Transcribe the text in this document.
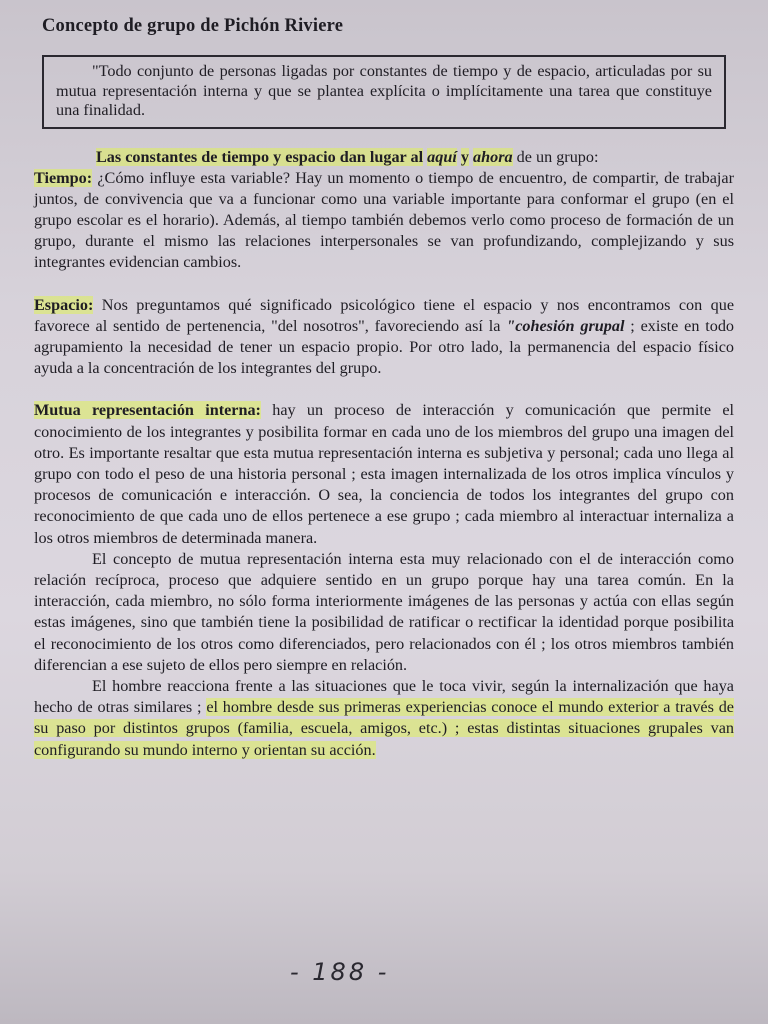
Concepto de grupo de Pichón Riviere

"Todo conjunto de personas ligadas por constantes de tiempo y de espacio, articuladas por su mutua representación interna y que se plantea explícita o implícitamente una tarea que constituye una finalidad.

Las constantes de tiempo y espacio dan lugar al aquí y ahora de un grupo:

Tiempo: ¿Cómo influye esta variable? Hay un momento o tiempo de encuentro, de compartir, de trabajar juntos, de convivencia que va a funcionar como una variable importante para conformar el grupo (en el grupo escolar es el horario). Además, al tiempo también debemos verlo como proceso de formación de un grupo, durante el mismo las relaciones interpersonales se van profundizando, complejizando y sus integrantes evidencian cambios.

Espacio: Nos preguntamos qué significado psicológico tiene el espacio y nos encontramos con que favorece al sentido de pertenencia, "del nosotros", favoreciendo así la "cohesión grupal ; existe en todo agrupamiento la necesidad de tener un espacio propio. Por otro lado, la permanencia del espacio físico ayuda a la concentración de los integrantes del grupo.

Mutua representación interna: hay un proceso de interacción y comunicación que permite el conocimiento de los integrantes y posibilita formar en cada uno de los miembros del grupo una imagen del otro. Es importante resaltar que esta mutua representación interna es subjetiva y personal; cada uno llega al grupo con todo el peso de una historia personal ; esta imagen internalizada de los otros implica vínculos y procesos de comunicación e interacción. O sea, la conciencia de todos los integrantes del grupo con reconocimiento de que cada uno de ellos pertenece a ese grupo ; cada miembro al interactuar internaliza a los otros miembros de determinada manera.

El concepto de mutua representación interna esta muy relacionado con el de interacción como relación recíproca, proceso que adquiere sentido en un grupo porque hay una tarea común. En la interacción, cada miembro, no sólo forma interiormente imágenes de las personas y actúa con ellas según estas imágenes, sino que también tiene la posibilidad de ratificar o rectificar la identidad porque posibilita el reconocimiento de los otros como diferenciados, pero relacionados con él ; los otros miembros también diferencian a ese sujeto de ellos pero siempre en relación.

El hombre reacciona frente a las situaciones que le toca vivir, según la internalización que haya hecho de otras similares ; el hombre desde sus primeras experiencias conoce el mundo exterior a través de su paso por distintos grupos (familia, escuela, amigos, etc.) ; estas distintas situaciones grupales van configurando su mundo interno y orientan su acción.

- 188 -
